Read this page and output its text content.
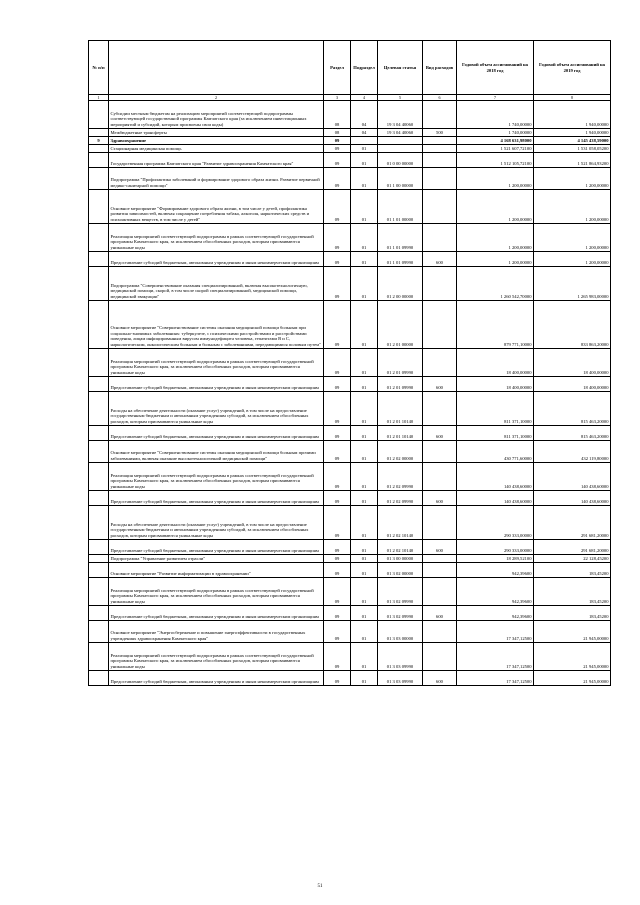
№ п/п		Раздел	Подраздел	Целевая статья	Вид расходов	Годовой объем ассигнований на 2018 год	Годовой объем ассигнований на 2019 год
1	2	3	4	5	6	7	8
	Субсидии местным бюджетам на реализацию мероприятий соответствующей подпрограммы соответствующей государственной программы Камчатского края (за исключением инвестиционных мероприятий и субсидий, которым присвоены свои коды)	08	04	19 3 04 40060		1 740,00000	1 940,00000
	Межбюджетные трансферты	08	04	19 3 04 40060	500	1 740,00000	1 940,00000
9	Здравоохранение	09				4 168 631,98000	4 145 438,59000
	Стационарная медицинская помощь	09	01			1 521 607,72100	1 531 058,05200
	Государственная программа Камчатского края "Развитие здравоохранения Камчатского края"	09	01	01 0 00 00000		1 512 105,72100	1 521 864,93200
	Подпрограмма "Профилактика заболеваний и формирование здорового образа жизни. Развитие первичной медико-санитарной помощи"	09	01	01 1 00 00000		1 200,00000	1 200,00000
	Основное мероприятие "Формирование здорового образа жизни, в том числе у детей, профилактика развития зависимостей, включая сокращение потребления табака, алкоголя, наркотических средств и психоактивных веществ, в том числе у детей"	09	01	01 1 01 00000		1 200,00000	1 200,00000
	Реализация мероприятий соответствующей подпрограммы в рамках соответствующей государственной программы Камчатского края, за исключением обособленных расходов, которым присваиваются уникальные коды	09	01	01 1 01 09990		1 200,00000	1 200,00000
	Предоставление субсидий бюджетным, автономным учреждениям и иным некоммерческим организациям	09	01	01 1 01 09990	600	1 200,00000	1 200,00000
	Подпрограмма "Совершенствование оказания специализированной, включая высокотехнологичную, медицинской помощи, скорой, в том числе скорой специализированной, медицинской помощи, медицинской эвакуации"	09	01	01 2 00 00000		1 260 542,70000	1 265 983,00000
	Основное мероприятие "Совершенствование системы оказания медицинской помощи больным при социально-значимых заболеваниях: туберкулезе, с психическими расстройствами и расстройствами поведения, лицам инфицированным вирусом иммунодефицита человека, гепатитами В и С, наркологическим, онкологическим больным и больным с заболеваниями, передающимися половым путем"	09	01	01 2 01 00000		879 771,10000	833 863,20000
	Реализация мероприятий соответствующей подпрограммы в рамках соответствующей государственной программы Камчатского края, за исключением обособленных расходов, которым присваиваются уникальные коды	09	01	01 2 01 09990		18 400,00000	18 400,00000
	Предоставление субсидий бюджетным, автономным учреждениям и иным некоммерческим организациям	09	01	01 2 01 09990	600	18 400,00000	18 400,00000
	Расходы на обеспечение деятельности (оказание услуг) учреждений, в том числе на предоставление государственным бюджетным и автономным учреждениям субсидий, за исключением обособленных расходов, которым присваиваются уникальные коды	09	01	01 2 01 10140		811 371,10000	815 463,20000
	Предоставление субсидий бюджетным, автономным учреждениям и иным некоммерческим организациям	09	01	01 2 01 10140	600	811 371,10000	815 463,20000
	Основное мероприятие "Совершенствование системы оказания медицинской помощи больным прочими заболеваниями, включая оказание высокотехнологичной медицинской помощи"	09	01	01 2 02 00000		430 771,60000	432 119,80000
	Реализация мероприятий соответствующей подпрограммы в рамках соответствующей государственной программы Камчатского края, за исключением обособленных расходов, которым присваиваются уникальные коды	09	01	01 2 02 09990		140 438,60000	140 438,60000
	Предоставление субсидий бюджетным, автономным учреждениям и иным некоммерческим организациям	09	01	01 2 02 09990	600	140 438,60000	140 438,60000
	Расходы на обеспечение деятельности (оказание услуг) учреждений, в том числе на предоставление государственным бюджетным и автономным учреждениям субсидий, за исключением обособленных расходов, которым присваиваются уникальные коды	09	01	01 2 02 10140		290 333,00000	291 681,20000
	Предоставление субсидий бюджетным, автономным учреждениям и иным некоммерческим организациям	09	01	01 2 02 10140	600	290 333,00000	291 681,20000
	Подпрограмма "Управление развитием отрасли"	09	01	01 3 00 00000		18 289,52100	22 128,45200
	Основное мероприятие "Развитие информатизации в здравоохранении"	09	01	01 3 02 00000		942,39600	183,45200
	Реализация мероприятий соответствующей подпрограммы в рамках соответствующей государственной программы Камчатского края, за исключением обособленных расходов, которым присваиваются уникальные коды	09	01	01 3 02 09990		942,39600	183,45200
	Предоставление субсидий бюджетным, автономным учреждениям и иным некоммерческим организациям	09	01	01 3 02 09990	600	942,39600	183,45200
	Основное мероприятие "Энергосбережение и повышение энергоэффективности в государственных учреждениях здравоохранения Камчатского края"	09	01	01 3 03 00000		17 347,12500	21 945,00000
	Реализация мероприятий соответствующей подпрограммы в рамках соответствующей государственной программы Камчатского края, за исключением обособленных расходов, которым присваиваются уникальные коды	09	01	01 3 03 09990		17 347,12500	21 945,00000
	Предоставление субсидий бюджетным, автономным учреждениям и иным некоммерческим организациям	09	01	01 3 03 09990	600	17 347,12500	21 945,00000
51
